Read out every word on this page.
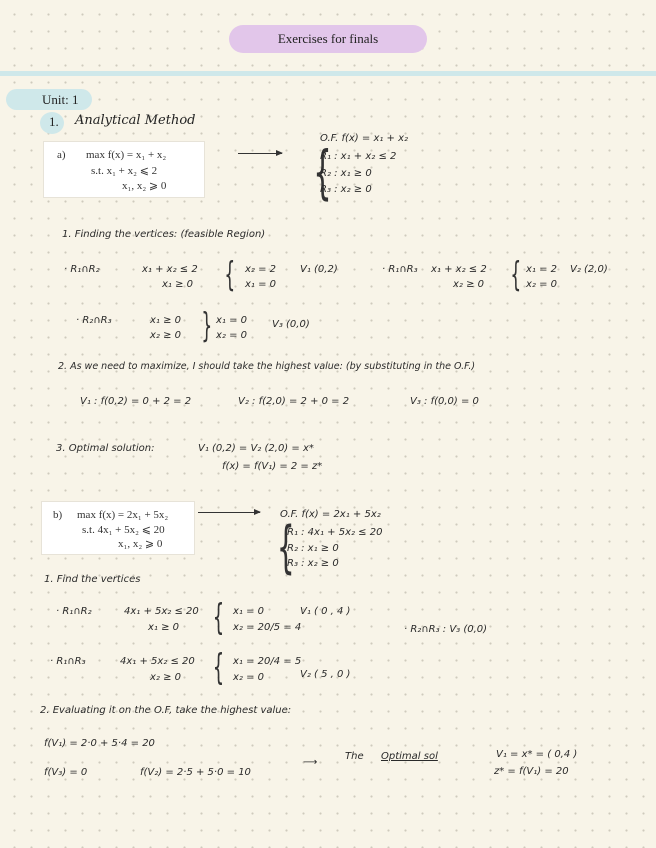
Exercises for finals
Unit: 1
1. Analytical Method
a) max f(x) = x₁ + x₂
s.t. x₁ + x₂ ⩽ 2
x₁, x₂ ⩾ 0
O.F. f(x) = x₁ + x₂
{
R₁ : x₁ + x₂ ≤ 2
R₂ : x₁ ≥ 0
R₃ : x₂ ≥ 0
1. Finding the vertices: (feasible Region)
· R₁∩R₂	x₁ + x₂ ≤ 2
x₁ ≥ 0 { x₂ = 2
x₁ = 0
V₁ (0,2)	· R₁∩R₃ x₁ + x₂ ≤ 2
x₂ ≥ 0 { x₁ = 2
x₂ = 0
V₂ (2,0)
· R₂∩R₃	x₁ ≥ 0
x₂ ≥ 0 } x₁ = 0
x₂ = 0
V₃ (0,0)
2. As we need to maximize, I should take the highest value: (by substituting in the O.F.)
V₁ : f(0,2) = 0 + 2 = 2	V₂ : f(2,0) = 2 + 0 = 2	V₃ : f(0,0) = 0
3. Optimal solution:	V₁ (0,2) = V₂ (2,0) = x*
f(x) = f(V₁) = 2 = z*
b) max f(x) = 2x₁ + 5x₂
s.t. 4x₁ + 5x₂ ⩽ 20
x₁, x₂ ⩾ 0
O.F. f(x) = 2x₁ + 5x₂
{
R₁ : 4x₁ + 5x₂ ≤ 20
R₂ : x₁ ≥ 0
R₃ : x₂ ≥ 0
1. Find the vertices
· R₁∩R₂	4x₁ + 5x₂ ≤ 20
x₁ ≥ 0 { x₁ = 0
x₂ = 20/5 = 4
V₁ ( 0 , 4 )
· R₂∩R₃ : V₃ (0,0)
· R₁∩R₃	4x₁ + 5x₂ ≤ 20
x₂ ≥ 0 { x₁ = 20/4 = 5
x₂ = 0	V₂ ( 5 , 0 )
2. Evaluating it on the O.F, take the highest value:
f(V₁) = 2·0 + 5·4 = 20
f(V₃) = 0	f(V₂) = 2·5 + 5·0 = 10
⟶
The Optimal sol	V₁ = x* = ( 0,4 )
z* = f(V₁) = 20
